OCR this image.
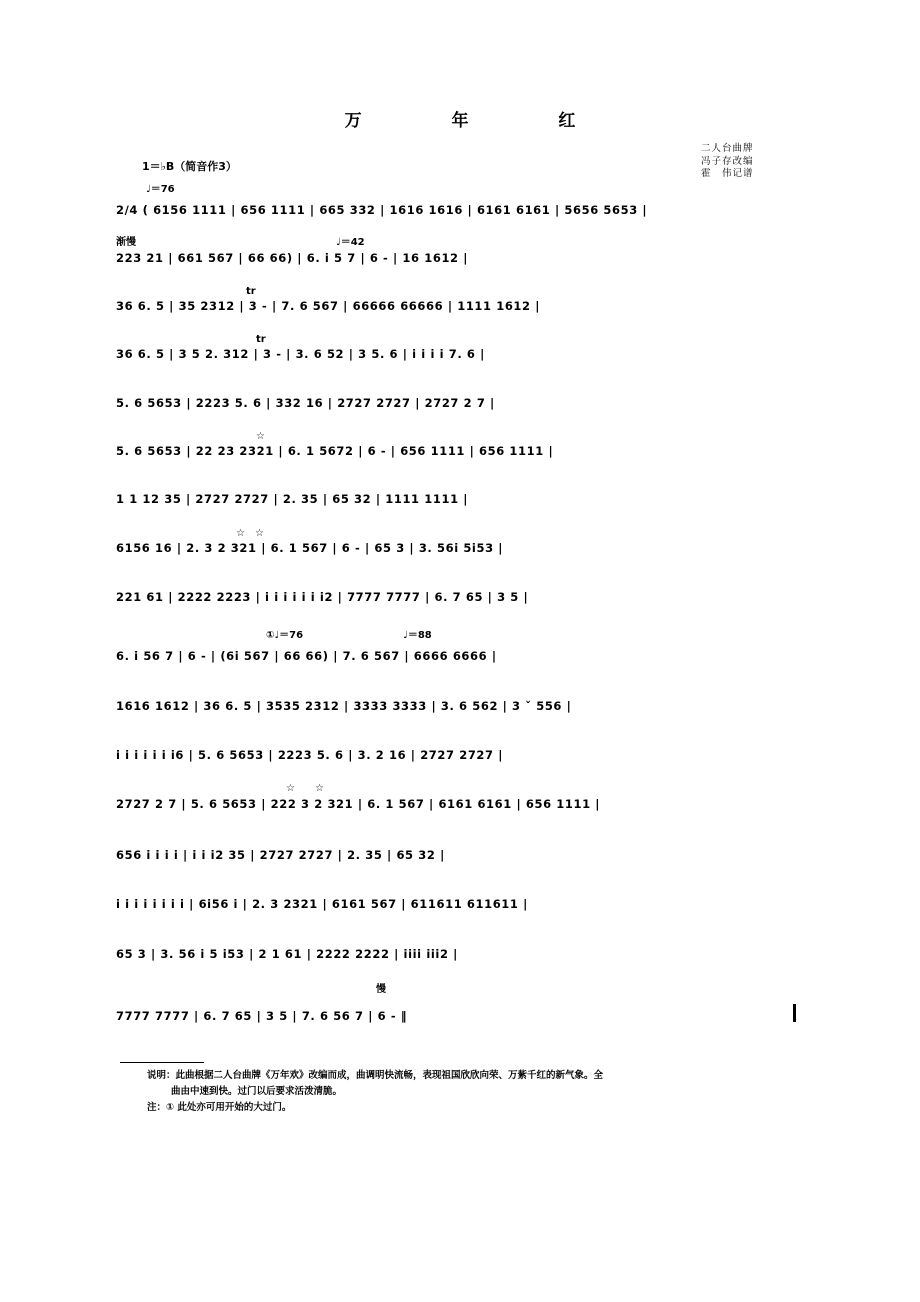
万 年 红
1＝♭B（简音作3）
♩＝76
二人台曲牌
冯子存改编
霍　伟记谱
2/4 ( 6156 1111 | 656 1111 | 665 332 | 1616 1616 | 6161 6161 | 5656 5653 |
渐慢　　　　　　　　　　　　　　　　　　　　♩＝42
223 21 | 661 567 | 66 66) | 6. i 5 7 | 6 - | 16 1612 |
　　　　　　　　　　　　　tr
36 6. 5 | 35 2312 | 3 - | 7. 6 567 | 66666 66666 | 1111 1612 |
　　　　　　　　　　　　　　tr
36 6. 5 | 3 5 2. 312 | 3 - | 3. 6 52 | 3 5. 6 | i i i i 7. 6 |
5. 6 5653 | 2223 5. 6 | 332 16 | 2727 2727 | 2727 2 7 |
　　　　　　　　　　　　　　☆
5. 6 5653 | 22 23 2321 | 6. 1 5672 | 6 - | 656 1111 | 656 1111 |
1 1 12 35 | 2727 2727 | 2. 35 | 65 32 | 1111 1111 |
　　　　　　　　　　　　☆　☆
6156 16 | 2. 3 2 321 | 6. 1 567 | 6 - | 65 3 | 3. 56i 5i53 |
221 61 | 2222 2223 | i i i i i i i2 | 7777 7777 | 6. 7 65 | 3 5 |
　　　　　　　　　　　　　　　①♩＝76　　　　　　　　　　♩＝88
6. i 56 7 | 6 - | (6i 567 | 66 66) | 7. 6 567 | 6666 6666 |
1616 1612 | 36 6. 5 | 3535 2312 | 3333 3333 | 3. 6 562 | 3 ˇ 556 |
i i i i i i i6 | 5. 6 5653 | 2223 5. 6 | 3. 2 16 | 2727 2727 |
　　　　　　　　　　　　　　　　　☆　　☆
2727 2 7 | 5. 6 5653 | 222 3 2 321 | 6. 1 567 | 6161 6161 | 656 1111 |
656 i i i i | i i i2 35 | 2727 2727 | 2. 35 | 65 32 |
i i i i i i i i | 6i56 i | 2. 3 2321 | 6161 567 | 611611 611611 |
65 3 | 3. 56 i 5 i53 | 2 1 61 | 2222 2222 | iiii iii2 |
　　　　　　　　　　　　　　　　　　　　　　　　　　慢
7777 7777 | 6. 7 65 | 3 5 | 7. 6 56 7 | 6 - ‖
说明：此曲根据二人台曲牌《万年欢》改编而成，曲调明快流畅，表现祖国欣欣向荣、万紫千红的新气象。全
曲由中速到快。过门以后要求活泼清脆。
注：① 此处亦可用开始的大过门。
